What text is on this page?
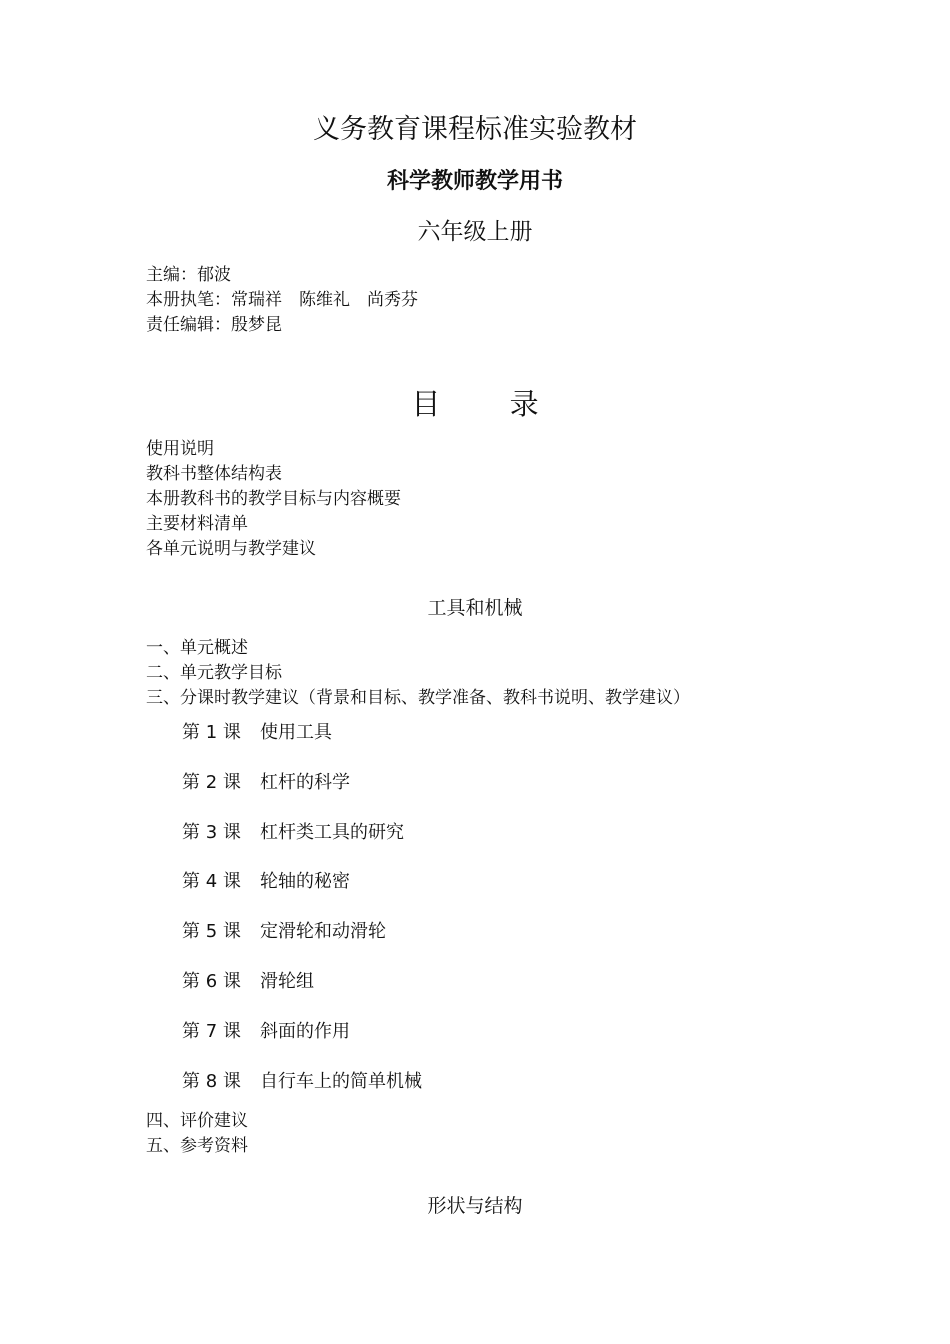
义务教育课程标准实验教材
科学教师教学用书
六年级上册
主编：郁波
本册执笔：常瑞祥　陈维礼　尚秀芬
责任编辑：殷梦昆
目 录
使用说明
教科书整体结构表
本册教科书的教学目标与内容概要
主要材料清单
各单元说明与教学建议
工具和机械
一、单元概述
二、单元教学目标
三、分课时教学建议（背景和目标、教学准备、教科书说明、教学建议）
第 1 课 使用工具
第 2 课 杠杆的科学
第 3 课 杠杆类工具的研究
第 4 课 轮轴的秘密
第 5 课 定滑轮和动滑轮
第 6 课 滑轮组
第 7 课 斜面的作用
第 8 课 自行车上的简单机械
四、评价建议
五、参考资料
形状与结构
